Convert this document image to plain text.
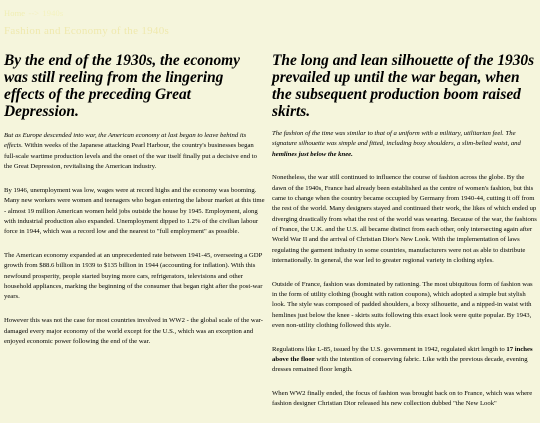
Home --> 1940s
Fashion and Economy of the 1940s
By the end of the 1930s, the economy was still reeling from the lingering effects of the preceding Great Depression.

But as Europe descended into war, the American economy at last began to leave behind its effects. Within weeks of the Japanese attacking Pearl Harbour, the country's businesses began full-scale wartime production levels and the onset of the war itself finally put a decisive end to the Great Depression, revitalising the American industry.

By 1946, unemployment was low, wages were at record highs and the economy was booming. Many new workers were women and teenagers who began entering the labour market at this time - almost 19 million American women held jobs outside the house by 1945. Employment, along with industrial production also expanded. Unemployment dipped to 1.2% of the civilian labour force in 1944, which was a record low and the nearest to "full employment" as possible.

The American economy expanded at an unprecedented rate between 1941-45, overseeing a GDP growth from $88.6 billion in 1939 to $135 billion in 1944 (accounting for inflation). With this newfound prosperity, people started buying more cars, refrigerators, televisions and other household appliances, marking the beginning of the consumer that began right after the post-war years.

However this was not the case for most countries involved in WW2 - the global scale of the war-damaged every major economy of the world except for the U.S., which was an exception and enjoyed economic power following the end of the war.

The long and lean silhouette of the 1930s prevailed up until the war began, when the subsequent production boom raised skirts.

The fashion of the time was similar to that of a uniform with a military, utilitarian feel. The signature silhouette was simple and fitted, including boxy shoulders, a slim-belted waist, and hemlines just below the knee.

Nonetheless, the war still continued to influence the course of fashion across the globe. By the dawn of the 1940s, France had already been established as the centre of women's fashion, but this came to change when the country became occupied by Germany from 1940-44, cutting it off from the rest of the world. Many designers stayed and continued their work, the likes of which ended up diverging drastically from what the rest of the world was wearing. Because of the war, the fashions of France, the U.K. and the U.S. all became distinct from each other, only intersecting again after World War II and the arrival of Christian Dior's New Look. With the implementation of laws regulating the garment industry in some countries, manufacturers were not as able to distribute internationally. In general, the war led to greater regional variety in clothing styles.

Outside of France, fashion was dominated by rationing. The most ubiquitous form of fashion was in the form of utility clothing (bought with ration coupons), which adopted a simple but stylish look. The style was composed of padded shoulders, a boxy silhouette, and a nipped-in waist with hemlines just below the knee - skirts suits following this exact look were quite popular. By 1943, even non-utility clothing followed this style.

Regulations like L-85, issued by the U.S. government in 1942, regulated skirt length to 17 inches above the floor with the intention of conserving fabric. Like with the previous decade, evening dresses remained floor length.

When WW2 finally ended, the focus of fashion was brought back on to France, which was where fashion designer Christian Dior released his new collection dubbed "the New Look"
